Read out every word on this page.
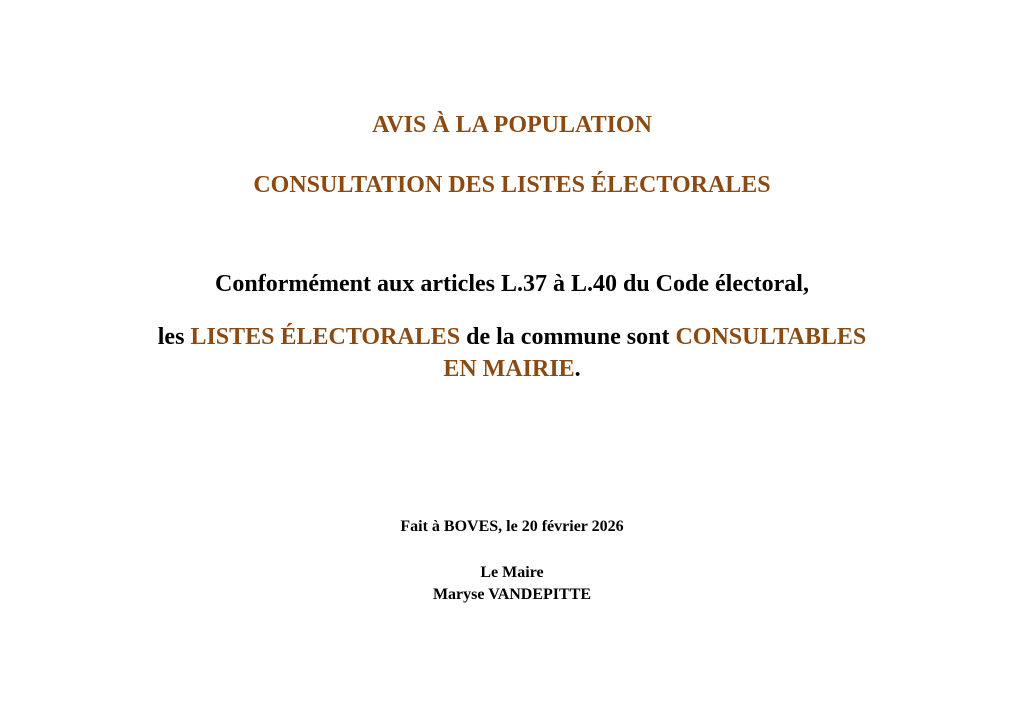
AVIS À LA POPULATION
CONSULTATION DES LISTES ÉLECTORALES
Conformément aux articles L.37 à L.40 du Code électoral,
les LISTES ÉLECTORALES de la commune sont CONSULTABLES
EN MAIRIE.
Fait à BOVES, le 20 février 2026
Le Maire
Maryse VANDEPITTE
